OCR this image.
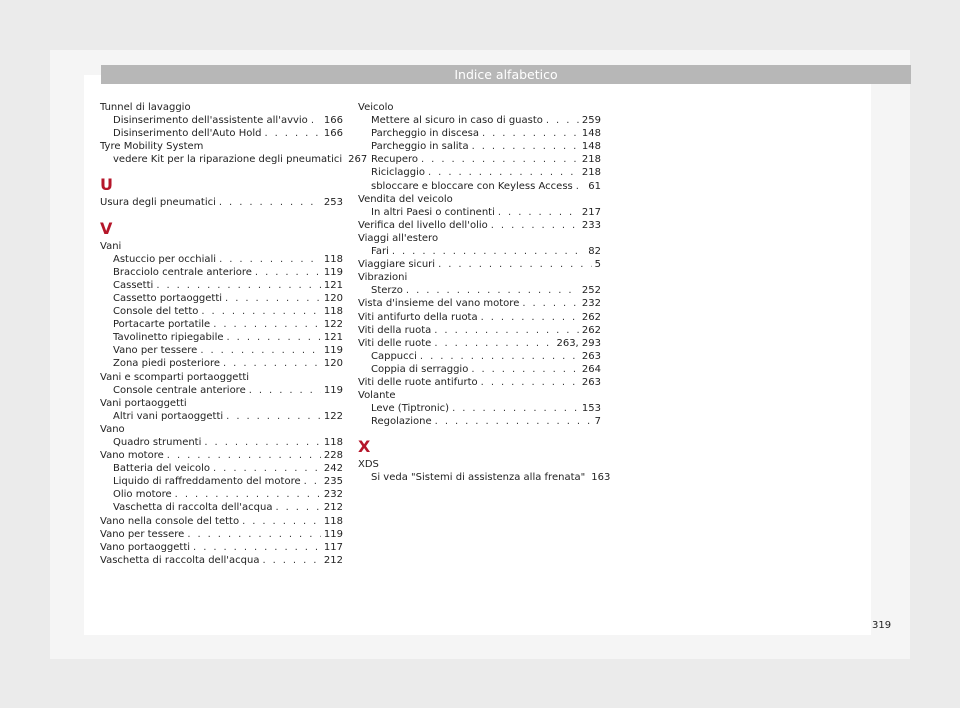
Indice alfabetico
Tunnel di lavaggio
Disinserimento dell'assistente all'avvio . . . 166
Disinserimento dell'Auto Hold . . .	166
Tyre Mobility System
vedere Kit per la riparazione degli pneumatici 267
U
Usura degli pneumatici . . .	253
V
Vani
Astuccio per occhiali . . .	118
Bracciolo centrale anteriore . . .	119
Cassetti . . .	121
Cassetto portaoggetti . . .	120
Console del tetto . . .	118
Portacarte portatile . . .	122
Tavolinetto ripiegabile . . .	121
Vano per tessere . . .	119
Zona piedi posteriore . . .	120
Vani e scomparti portaoggetti
Console centrale anteriore . . .	119
Vani portaoggetti
Altri vani portaoggetti . . .	122
Vano
Quadro strumenti . . .	118
Vano motore . . .	228
Batteria del veicolo . . .	242
Liquido di raffreddamento del motore . . . 235
Olio motore . . .	232
Vaschetta di raccolta dell'acqua . . .	212
Vano nella console del tetto . . .	118
Vano per tessere . . .	119
Vano portaoggetti . . .	117
Vaschetta di raccolta dell'acqua . . .	212
Veicolo
Mettere al sicuro in caso di guasto . . .	259
Parcheggio in discesa . . .	148
Parcheggio in salita . . .	148
Recupero . . .	218
Riciclaggio . . .	218
sbloccare e bloccare con Keyless Access . . . 61
Vendita del veicolo
In altri Paesi o continenti . . .	217
Verifica del livello dell'olio . . .	233
Viaggi all'estero
Fari . . .	82
Viaggiare sicuri . . .	5
Vibrazioni
Sterzo . . .	252
Vista d'insieme del vano motore . . .	232
Viti antifurto della ruota . . .	262
Viti della ruota . . .	262
Viti delle ruote . . .	263, 293
Cappucci . . .	263
Coppia di serraggio . . .	264
Viti delle ruote antifurto . . .	263
Volante
Leve (Tiptronic) . . .	153
Regolazione . . .	7
X
XDS
Si veda "Sistemi di assistenza alla frenata" 163
319
